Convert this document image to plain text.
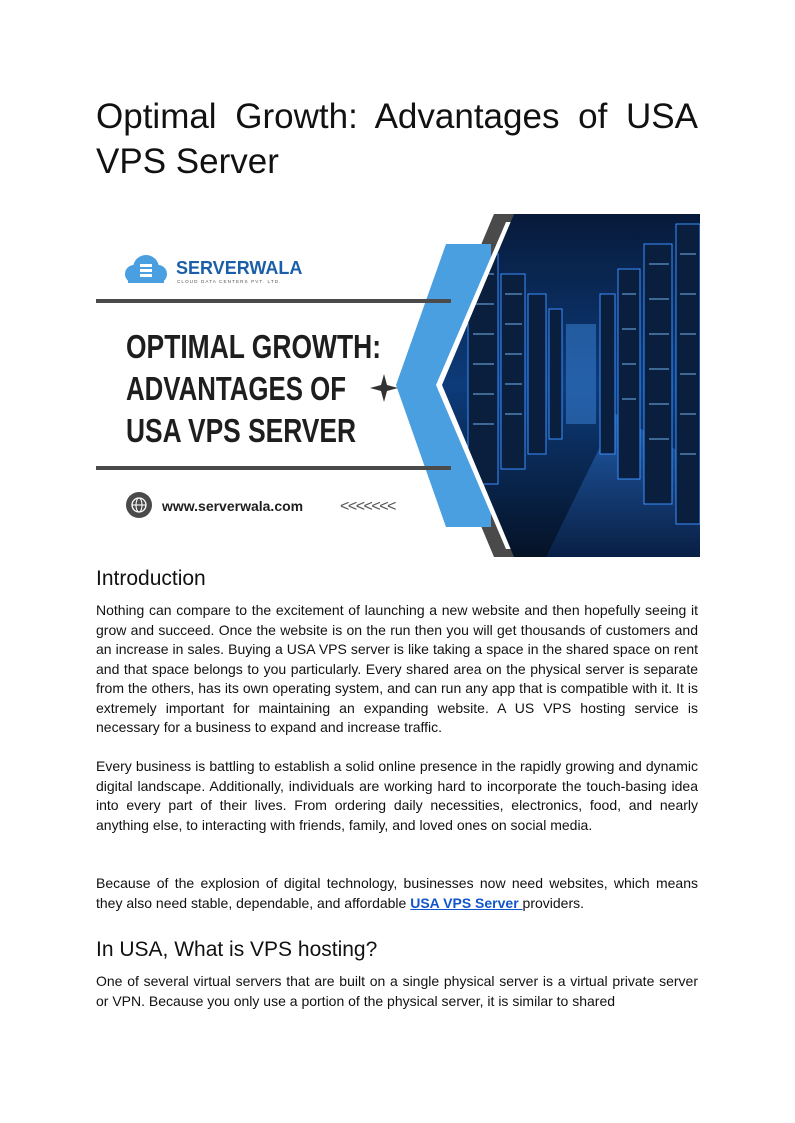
Optimal Growth: Advantages of USA VPS Server
SERVERWALA
CLOUD DATA CENTERS PVT. LTD.
OPTIMAL GROWTH:
ADVANTAGES OF
USA VPS SERVER
www.serverwala.com <<<<<<<
Introduction

Nothing can compare to the excitement of launching a new website and then hopefully seeing it grow and succeed. Once the website is on the run then you will get thousands of customers and an increase in sales. Buying a USA VPS server is like taking a space in the shared space on rent and that space belongs to you particularly. Every shared area on the physical server is separate from the others, has its own operating system, and can run any app that is compatible with it. It is extremely important for maintaining an expanding website. A US VPS hosting service is necessary for a business to expand and increase traffic.

Every business is battling to establish a solid online presence in the rapidly growing and dynamic digital landscape. Additionally, individuals are working hard to incorporate the touch-basing idea into every part of their lives. From ordering daily necessities, electronics, food, and nearly anything else, to interacting with friends, family, and loved ones on social media.

Because of the explosion of digital technology, businesses now need websites, which means they also need stable, dependable, and affordable USA VPS Server providers.

In USA, What is VPS hosting?

One of several virtual servers that are built on a single physical server is a virtual private server or VPN. Because you only use a portion of the physical server, it is similar to shared
